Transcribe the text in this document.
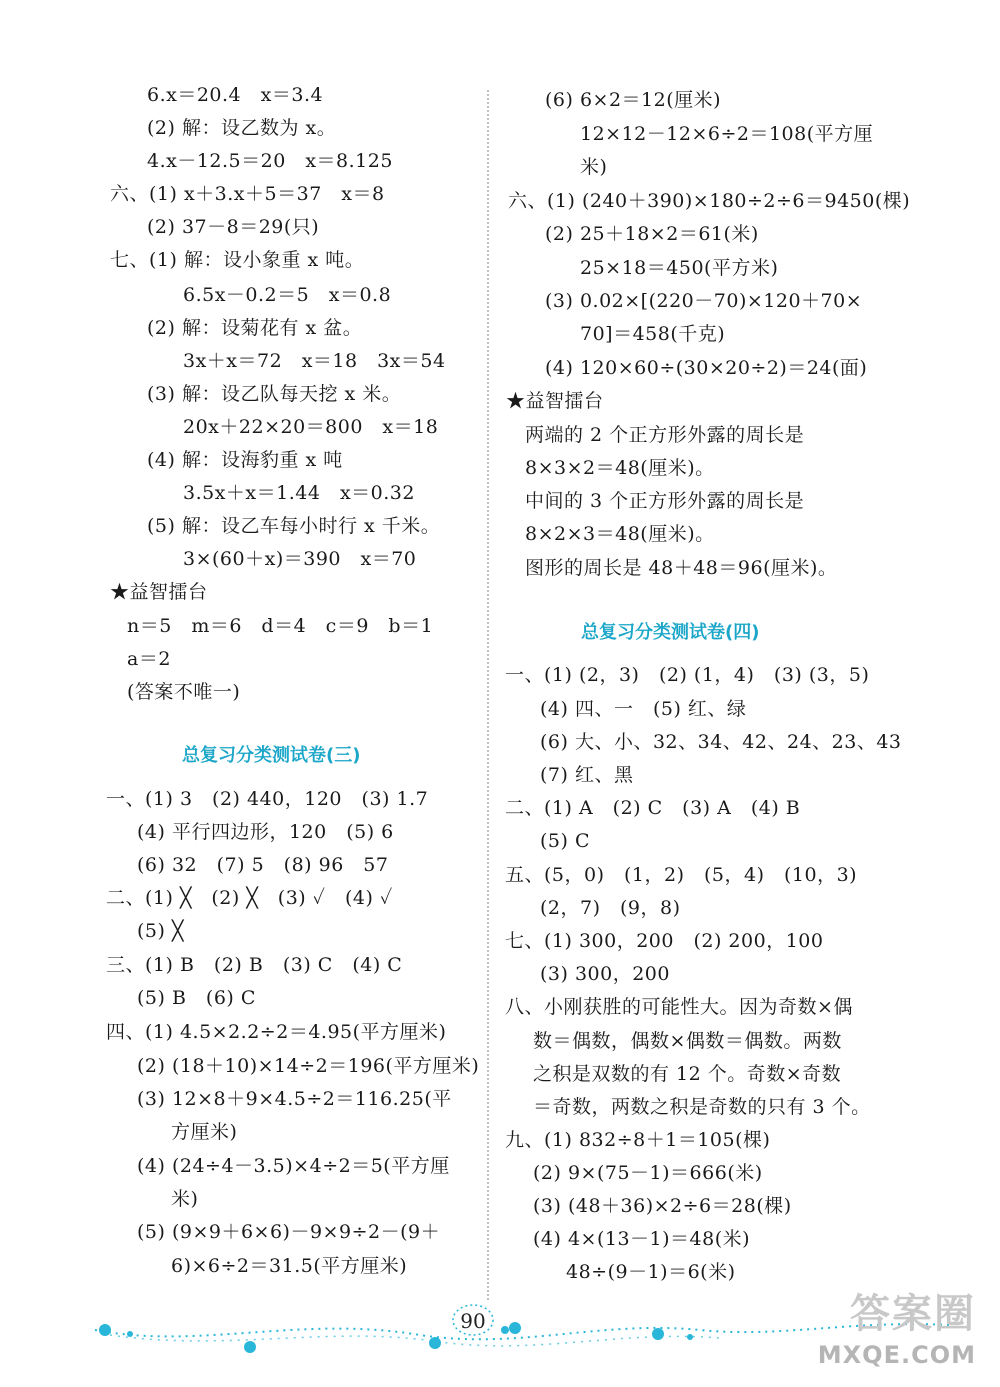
6.x＝20.4　x＝3.4
(2) 解：设乙数为 x。
4.x－12.5＝20　x＝8.125
六、(1) x＋3.x＋5＝37　x＝8
(2) 37－8＝29(只)
七、(1) 解：设小象重 x 吨。
6.5x－0.2＝5　x＝0.8
(2) 解：设菊花有 x 盆。
3x＋x＝72　x＝18　3x＝54
(3) 解：设乙队每天挖 x 米。
20x＋22×20＝800　x＝18
(4) 解：设海豹重 x 吨
3.5x＋x＝1.44　x＝0.32
(5) 解：设乙车每小时行 x 千米。
3×(60＋x)＝390　x＝70
★益智擂台
n＝5　m＝6　d＝4　c＝9　b＝1
a＝2
(答案不唯一)
总复习分类测试卷(三)
一、(1) 3　(2) 440，120　(3) 1.7
(4) 平行四边形，120　(5) 6
(6) 32　(7) 5　(8) 96　57
二、(1) ╳　(2) ╳　(3) ✓　(4) ✓
(5) ╳
三、(1) B　(2) B　(3) C　(4) C
(5) B　(6) C
四、(1) 4.5×2.2÷2＝4.95(平方厘米)
(2) (18＋10)×14÷2＝196(平方厘米)
(3) 12×8＋9×4.5÷2＝116.25(平
方厘米)
(4) (24÷4－3.5)×4÷2＝5(平方厘
米)
(5) (9×9＋6×6)－9×9÷2－(9＋
6)×6÷2＝31.5(平方厘米)
(6) 6×2＝12(厘米)
12×12－12×6÷2＝108(平方厘
米)
六、(1) (240＋390)×180÷2÷6＝9450(棵)
(2) 25＋18×2＝61(米)
25×18＝450(平方米)
(3) 0.02×[(220－70)×120＋70×
70]＝458(千克)
(4) 120×60÷(30×20÷2)＝24(面)
★益智擂台
两端的 2 个正方形外露的周长是
8×3×2＝48(厘米)。
中间的 3 个正方形外露的周长是
8×2×3＝48(厘米)。
图形的周长是 48＋48＝96(厘米)。
总复习分类测试卷(四)
一、(1) (2，3)　(2) (1，4)　(3) (3，5)
(4) 四、一　(5) 红、绿
(6) 大、小、32、34、42、24、23、43
(7) 红、黑
二、(1) A　(2) C　(3) A　(4) B
(5) C
五、(5，0)　(1，2)　(5，4)　(10，3)
(2，7)　(9，8)
七、(1) 300，200　(2) 200，100
(3) 300，200
八、小刚获胜的可能性大。因为奇数×偶
数＝偶数，偶数×偶数＝偶数。两数
之积是双数的有 12 个。奇数×奇数
＝奇数，两数之积是奇数的只有 3 个。
九、(1) 832÷8＋1＝105(棵)
(2) 9×(75－1)＝666(米)
(3) (48＋36)×2÷6＝28(棵)
(4) 4×(13－1)＝48(米)
48÷(9－1)＝6(米)
90	答案圈
MXQE.COM
